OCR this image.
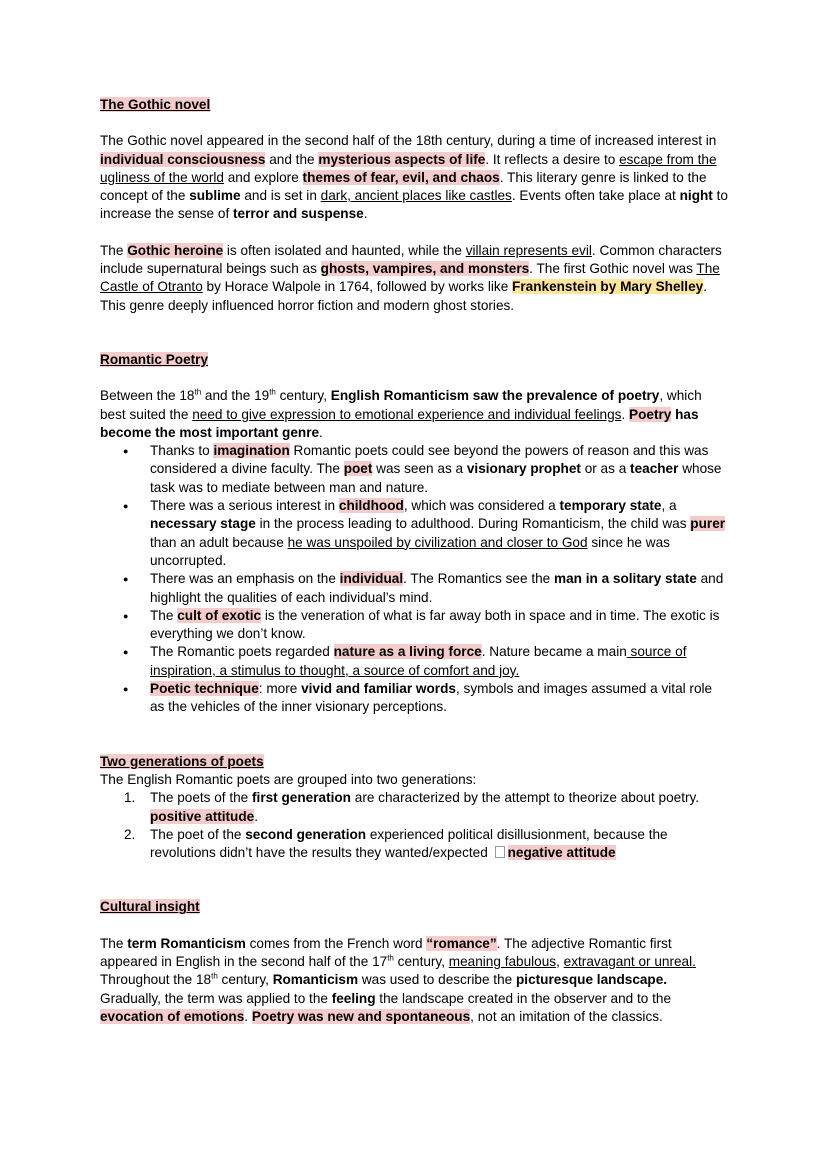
The Gothic novel

The Gothic novel appeared in the second half of the 18th century, during a time of increased interest in individual consciousness and the mysterious aspects of life. It reflects a desire to escape from the ugliness of the world and explore themes of fear, evil, and chaos. This literary genre is linked to the concept of the sublime and is set in dark, ancient places like castles. Events often take place at night to increase the sense of terror and suspense.

The Gothic heroine is often isolated and haunted, while the villain represents evil. Common characters include supernatural beings such as ghosts, vampires, and monsters. The first Gothic novel was The Castle of Otranto by Horace Walpole in 1764, followed by works like Frankenstein by Mary Shelley. This genre deeply influenced horror fiction and modern ghost stories.

Romantic Poetry

Between the 18th and the 19th century, English Romanticism saw the prevalence of poetry, which best suited the need to give expression to emotional experience and individual feelings. Poetry has become the most important genre.

● Thanks to imagination Romantic poets could see beyond the powers of reason and this was considered a divine faculty. The poet was seen as a visionary prophet or as a teacher whose task was to mediate between man and nature.
● There was a serious interest in childhood, which was considered a temporary state, a necessary stage in the process leading to adulthood. During Romanticism, the child was purer than an adult because he was unspoiled by civilization and closer to God since he was uncorrupted.
● There was an emphasis on the individual. The Romantics see the man in a solitary state and highlight the qualities of each individual’s mind.
● The cult of exotic is the veneration of what is far away both in space and in time. The exotic is everything we don’t know.
● The Romantic poets regarded nature as a living force. Nature became a main source of inspiration, a stimulus to thought, a source of comfort and joy.
● Poetic technique: more vivid and familiar words, symbols and images assumed a vital role as the vehicles of the inner visionary perceptions.

Two generations of poets

The English Romantic poets are grouped into two generations:

1. The poets of the first generation are characterized by the attempt to theorize about poetry. positive attitude.
2. The poet of the second generation experienced political disillusionment, because the revolutions didn’t have the results they wanted/expected negative attitude

Cultural insight

The term Romanticism comes from the French word “romance”. The adjective Romantic first appeared in English in the second half of the 17th century, meaning fabulous, extravagant or unreal. Throughout the 18th century, Romanticism was used to describe the picturesque landscape. Gradually, the term was applied to the feeling the landscape created in the observer and to the evocation of emotions. Poetry was new and spontaneous, not an imitation of the classics.
